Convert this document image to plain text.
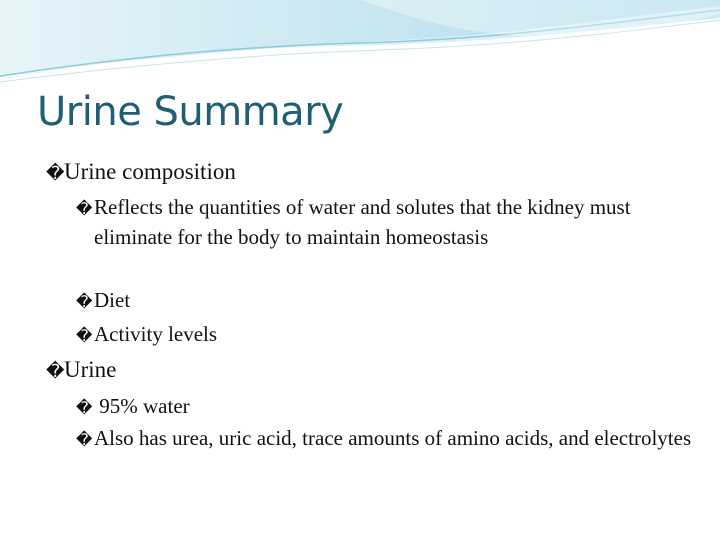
Urine Summary

�Urine composition

�Reflects the quantities of water and solutes that the kidney must eliminate for the body to maintain homeostasis

�Diet

�Activity levels

�Urine

� 95% water

�Also has urea, uric acid, trace amounts of amino acids, and electrolytes
